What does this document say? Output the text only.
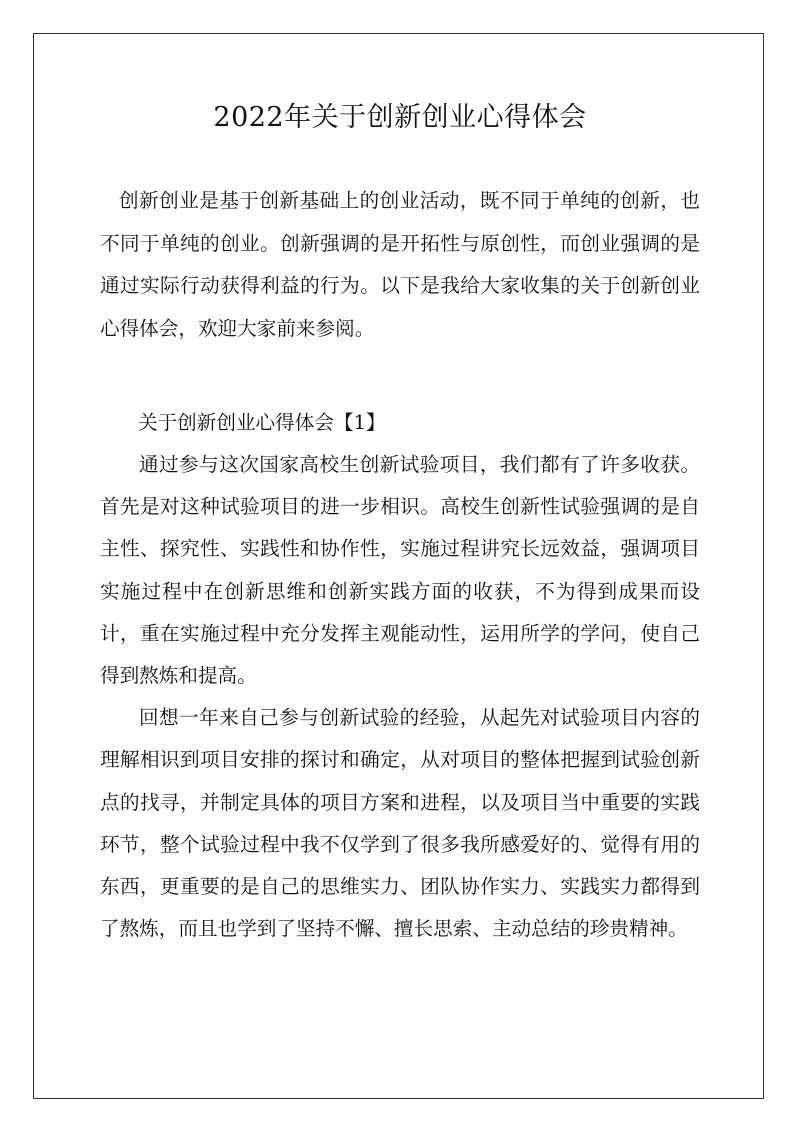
2022年关于创新创业心得体会

创新创业是基于创新基础上的创业活动，既不同于单纯的创新，也不同于单纯的创业。创新强调的是开拓性与原创性，而创业强调的是通过实际行动获得利益的行为。以下是我给大家收集的关于创新创业心得体会，欢迎大家前来参阅。

关于创新创业心得体会【1】

通过参与这次国家高校生创新试验项目，我们都有了许多收获。首先是对这种试验项目的进一步相识。高校生创新性试验强调的是自主性、探究性、实践性和协作性，实施过程讲究长远效益，强调项目实施过程中在创新思维和创新实践方面的收获，不为得到成果而设计，重在实施过程中充分发挥主观能动性，运用所学的学问，使自己得到熬炼和提高。

回想一年来自己参与创新试验的经验，从起先对试验项目内容的理解相识到项目安排的探讨和确定，从对项目的整体把握到试验创新点的找寻，并制定具体的项目方案和进程，以及项目当中重要的实践环节，整个试验过程中我不仅学到了很多我所感爱好的、觉得有用的东西，更重要的是自己的思维实力、团队协作实力、实践实力都得到了熬炼，而且也学到了坚持不懈、擅长思索、主动总结的珍贵精神。
